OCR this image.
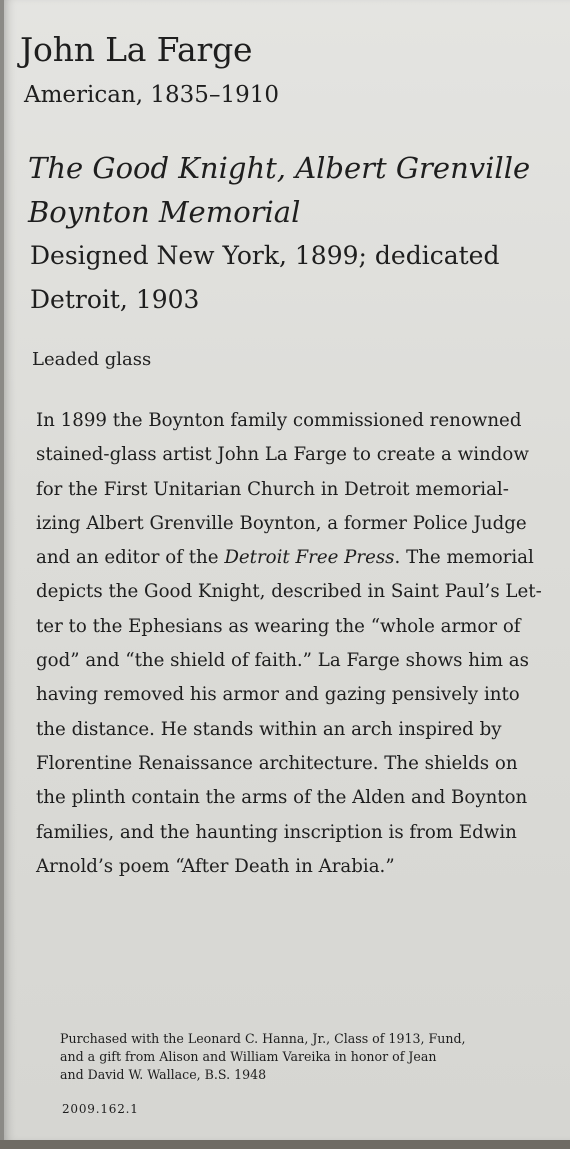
John La Farge
American, 1835–1910
The Good Knight, Albert Grenville
Boynton Memorial
Designed New York, 1899; dedicated
Detroit, 1903
Leaded glass
In 1899 the Boynton family commissioned renowned
stained-glass artist John La Farge to create a window
for the First Unitarian Church in Detroit memorial-
izing Albert Grenville Boynton, a former Police Judge
and an editor of the Detroit Free Press. The memorial
depicts the Good Knight, described in Saint Paul’s Let-
ter to the Ephesians as wearing the “whole armor of
god” and “the shield of faith.” La Farge shows him as
having removed his armor and gazing pensively into
the distance. He stands within an arch inspired by
Florentine Renaissance architecture. The shields on
the plinth contain the arms of the Alden and Boynton
families, and the haunting inscription is from Edwin
Arnold’s poem “After Death in Arabia.”
Purchased with the Leonard C. Hanna, Jr., Class of 1913, Fund,
and a gift from Alison and William Vareika in honor of Jean
and David W. Wallace, B.S. 1948
2009.162.1
